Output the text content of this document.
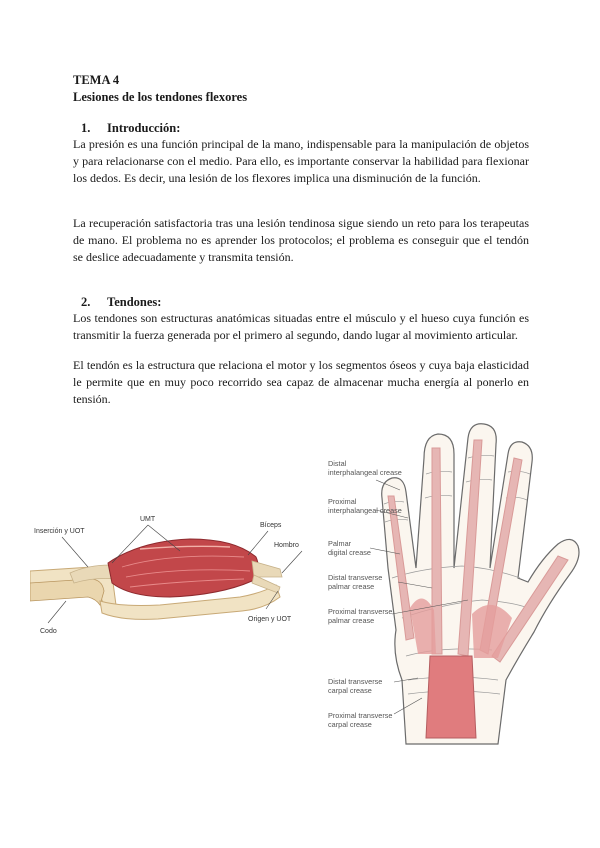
TEMA 4
Lesiones de los tendones flexores
1. Introducción:

La presión es una función principal de la mano, indispensable para la manipulación de objetos y para relacionarse con el medio. Para ello, es importante conservar la habilidad para flexionar los dedos. Es decir, una lesión de los flexores implica una disminución de la función.

La recuperación satisfactoria tras una lesión tendinosa sigue siendo un reto para los terapeutas de mano. El problema no es aprender los protocolos; el problema es conseguir que el tendón se deslice adecuadamente y transmita tensión.

2. Tendones:

Los tendones son estructuras anatómicas situadas entre el músculo y el hueso cuya función es transmitir la fuerza generada por el primero al segundo, dando lugar al movimiento articular.

El tendón es la estructura que relaciona el motor y los segmentos óseos y cuya baja elasticidad le permite que en muy poco recorrido sea capaz de almacenar mucha energía al ponerlo en tensión.

Inserción y UOT
UMT
Bíceps
Hombro
Origen y UOT
Codo
Distal interphalangeal crease
Proximal interphalangeal crease
Palmar digital crease
Distal transverse palmar crease
Proximal transverse palmar crease
Distal transverse carpal crease
Proximal transverse carpal crease
